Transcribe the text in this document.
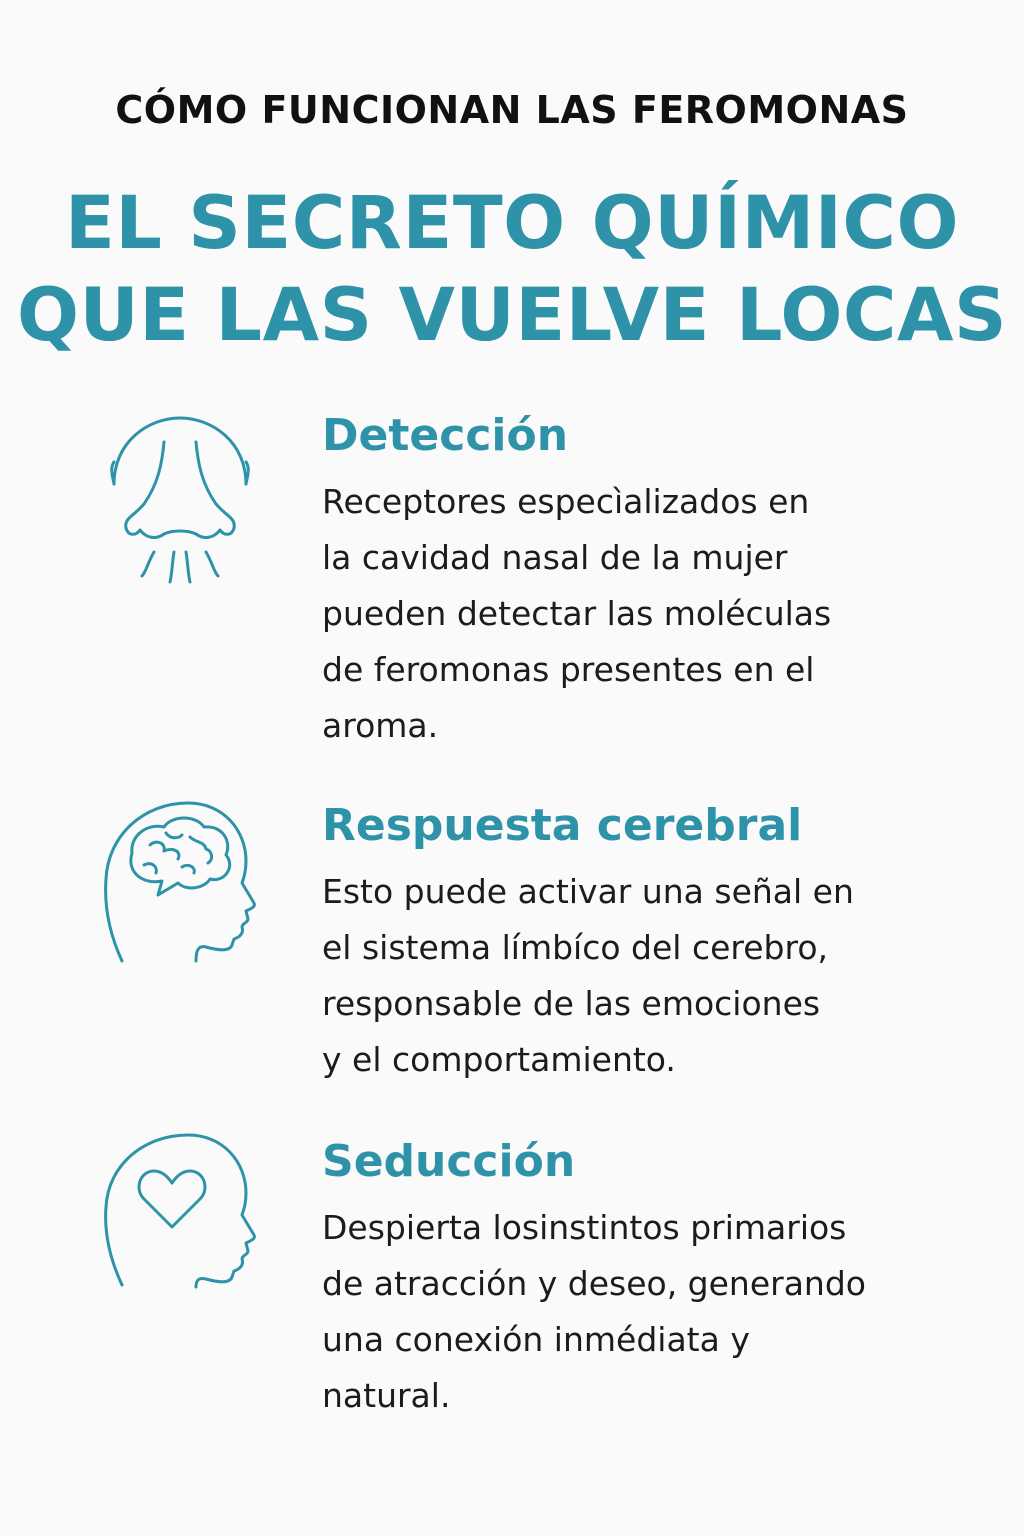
CÓMO FUNCIONAN LAS FEROMONAS
EL SECRETO QUÍMICO
QUE LAS VUELVE LOCAS
Detección
Receptores especìalizados en
la cavidad nasal de la mujer
pueden detectar las moléculas
de feromonas presentes en el
aroma.
Respuesta cerebral
Esto puede activar una señal en
el sistema límbíco del cerebro,
responsable de las emociones
y el comportamiento.
Seducción
Despierta losinstintos primarios
de atracción y deseo, generando
una conexión inmédiata y
natural.
